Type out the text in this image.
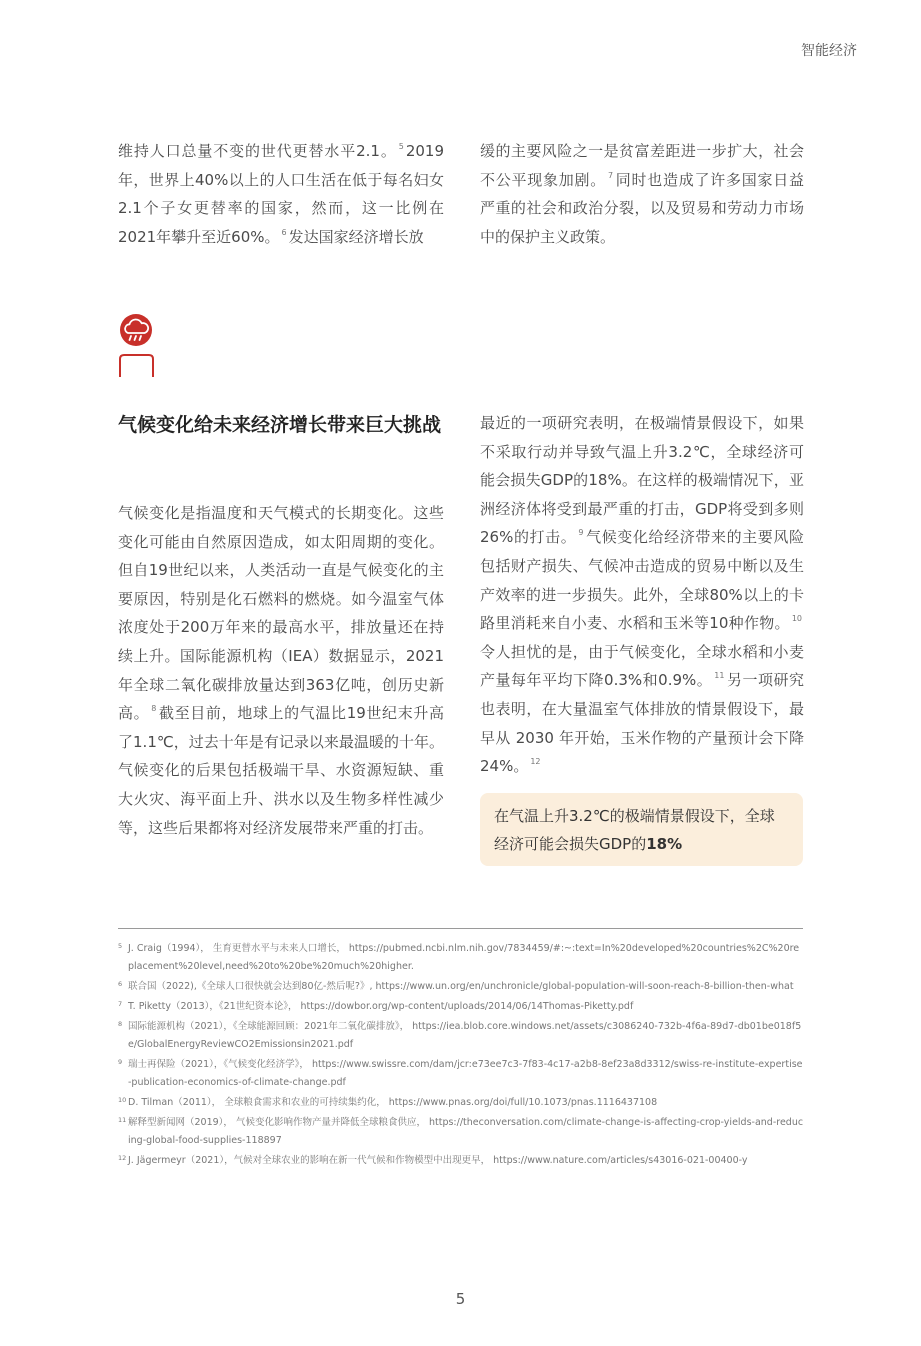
智能经济

维持人口总量不变的世代更替水平2.1。 $^5$ 2019年，世界上40%以上的人口生活在低于每名妇女2.1个子女更替率的国家，然而，这一比例在2021年攀升至近60%。 $^6$ 发达国家经济增长放

缓的主要风险之一是贫富差距进一步扩大，社会不公平现象加剧。 $^7$ 同时也造成了许多国家日益严重的社会和政治分裂，以及贸易和劳动力市场中的保护主义政策。

气候变化给未来经济增长带来巨大挑战

气候变化是指温度和天气模式的长期变化。这些变化可能由自然原因造成，如太阳周期的变化。但自19世纪以来，人类活动一直是气候变化的主要原因，特别是化石燃料的燃烧。如今温室气体浓度处于200万年来的最高水平，排放量还在持续上升。国际能源机构（IEA）数据显示，2021年全球二氧化碳排放量达到363亿吨，创历史新高。 $^8$ 截至目前，地球上的气温比19世纪末升高了1.1℃，过去十年是有记录以来最温暖的十年。气候变化的后果包括极端干旱、水资源短缺、重大火灾、海平面上升、洪水以及生物多样性减少等，这些后果都将对经济发展带来严重的打击。

最近的一项研究表明，在极端情景假设下，如果不采取行动并导致气温上升3.2℃，全球经济可能会损失GDP的18%。在这样的极端情况下，亚洲经济体将受到最严重的打击，GDP将受到多则26%的打击。 $^9$ 气候变化给经济带来的主要风险包括财产损失、气候冲击造成的贸易中断以及生产效率的进一步损失。此外，全球80%以上的卡路里消耗来自小麦、水稻和玉米等10种作物。 $^{10}$令人担忧的是，由于气候变化，全球水稻和小麦产量每年平均下降0.3%和0.9%。 $^{11}$ 另一项研究也表明，在大量温室气体排放的情景假设下，最早从 2030 年开始，玉米作物的产量预计会下降 24%。 $^{12}$

在气温上升3.2℃的极端情景假设下，全球经济可能会损失GDP的18%
5 J. Craig（1994）， 生育更替水平与未来人口增长， https://pubmed.ncbi.nlm.nih.gov/7834459/#:~:text=In%20developed%20countries%2C%20replacement%20level,need%20to%20be%20much%20higher.
6 联合国（2022),《全球人口很快就会达到80亿-然后呢?》, https://www.un.org/en/unchronicle/global-population-will-soon-reach-8-billion-then-what
7 T. Piketty（2013），《21世纪资本论》， https://dowbor.org/wp-content/uploads/2014/06/14Thomas-Piketty.pdf
8 国际能源机构（2021），《全球能源回顾：2021年二氧化碳排放》， https://iea.blob.core.windows.net/assets/c3086240-732b-4f6a-89d7-db01be018f5e/GlobalEnergyReviewCO2Emissionsin2021.pdf
9 瑞士再保险（2021），《气候变化经济学》， https://www.swissre.com/dam/jcr:e73ee7c3-7f83-4c17-a2b8-8ef23a8d3312/swiss-re-institute-expertise-publication-economics-of-climate-change.pdf
10 D. Tilman（2011）， 全球粮食需求和农业的可持续集约化， https://www.pnas.org/doi/full/10.1073/pnas.1116437108
11 解释型新闻网（2019）， 气候变化影响作物产量并降低全球粮食供应， https://theconversation.com/climate-change-is-affecting-crop-yields-and-reducing-global-food-supplies-118897
12 J. Jägermeyr（2021），气候对全球农业的影响在新一代气候和作物模型中出现更早， https://www.nature.com/articles/s43016-021-00400-y
5
